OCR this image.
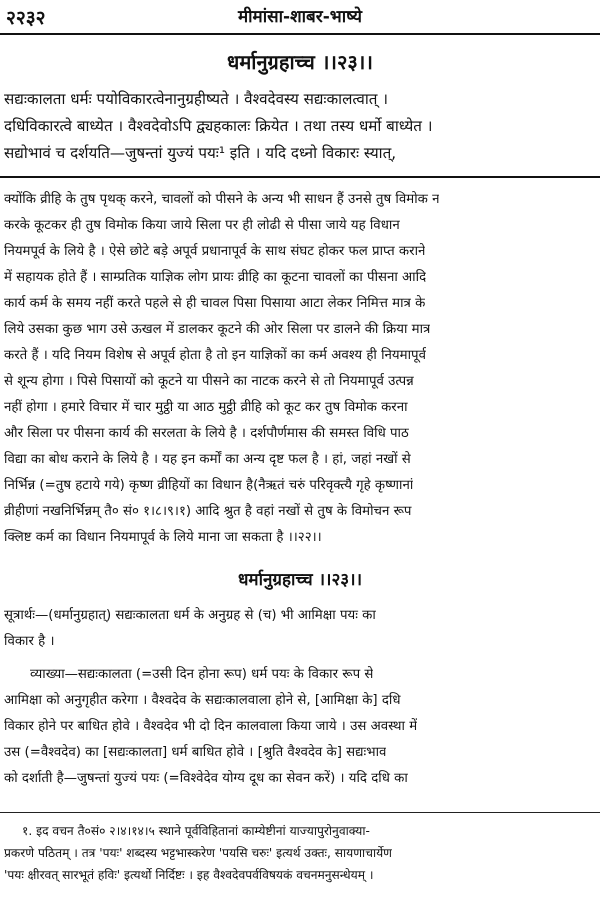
२२३२	मीमांसा-शाबर-भाष्ये
धर्मानुग्रहाच्च ।।२३।।
सद्यःकालता धर्मः पयोविकारत्वेनानुग्रहीष्यते । वैश्वदेवस्य सद्यःकालत्वात् ।
दधिविकारत्वे बाध्येत । वैश्वदेवोऽपि द्व्यहकालः क्रियेत । तथा तस्य धर्मो बाध्येत ।
सद्योभावं च दर्शयति—जुषन्तां युज्यं पयः¹ इति । यदि दध्नो विकारः स्यात्,
क्योंकि व्रीहि के तुष पृथक् करने, चावलों को पीसने के अन्य भी साधन हैं उनसे तुष विमोक न
करके कूटकर ही तुष विमोक किया जाये सिला पर ही लोढी से पीसा जाये यह विधान
नियमपूर्व के लिये है । ऐसे छोटे बड़े अपूर्व प्रधानापूर्व के साथ संघट होकर फल प्राप्त कराने
में सहायक होते हैं । साम्प्रतिक याज्ञिक लोग प्रायः व्रीहि का कूटना चावलों का पीसना आदि
कार्य कर्म के समय नहीं करते पहले से ही चावल पिसा पिसाया आटा लेकर निमित्त मात्र के
लिये उसका कुछ भाग उसे ऊखल में डालकर कूटने की ओर सिला पर डालने की क्रिया मात्र
करते हैं । यदि नियम विशेष से अपूर्व होता है तो इन याज्ञिकों का कर्म अवश्य ही नियमापूर्व
से शून्य होगा । पिसे पिसायों को कूटने या पीसने का नाटक करने से तो नियमापूर्व उत्पन्न
नहीं होगा । हमारे विचार में चार मुट्ठी या आठ मुट्ठी व्रीहि को कूट कर तुष विमोक करना
और सिला पर पीसना कार्य की सरलता के लिये है । दर्शपौर्णमास की समस्त विधि पाठ
विद्या का बोध कराने के लिये है । यह इन कर्मों का अन्य दृष्ट फल है । हां, जहां नखों से
निर्भिन्न (=तुष हटाये गये) कृष्ण व्रीहियों का विधान है(नैऋतं चरुं परिवृक्त्यै गृहे कृष्णानां
व्रीहीणां नखनिर्भिन्नम् तै० सं० १।८।९।१) आदि श्रुत है वहां नखों से तुष के विमोचन रूप
क्लिष्ट कर्म का विधान नियमापूर्व के लिये माना जा सकता है ।।२२।।
धर्मानुग्रहाच्च ।।२३।।
सूत्रार्थः—(धर्मानुग्रहात्) सद्यःकालता धर्म के अनुग्रह से (च) भी आमिक्षा पयः का
विकार है ।
व्याख्या—सद्यःकालता (=उसी दिन होना रूप) धर्म पयः के विकार रूप से
आमिक्षा को अनुगृहीत करेगा । वैश्वदेव के सद्यःकालवाला होने से, [आमिक्षा के] दधि
विकार होने पर बाधित होवे । वैश्वदेव भी दो दिन कालवाला किया जाये । उस अवस्था में
उस (=वैश्वदेव) का [सद्यःकालता] धर्म बाधित होवे । [श्रुति वैश्वदेव के] सद्यःभाव
को दर्शाती है—जुषन्तां युज्यं पयः (=विश्वेदेव योग्य दूध का सेवन करें) । यदि दधि का
१. इद वचन तै०सं० २।४।१४।५ स्थाने पूर्वविहितानां काम्येष्टीनां याज्यापुरोनुवाक्या-
प्रकरणे पठितम् । तत्र 'पयः' शब्दस्य भट्टभास्करेण 'पयसि चरुः' इत्यर्थ उक्तः, सायणाचार्येण
'पयः क्षीरवत् सारभूतं हविः' इत्यर्थो निर्दिष्टः । इह वैश्वदेवपर्वविषयकं वचनमनुसन्धेयम् ।
